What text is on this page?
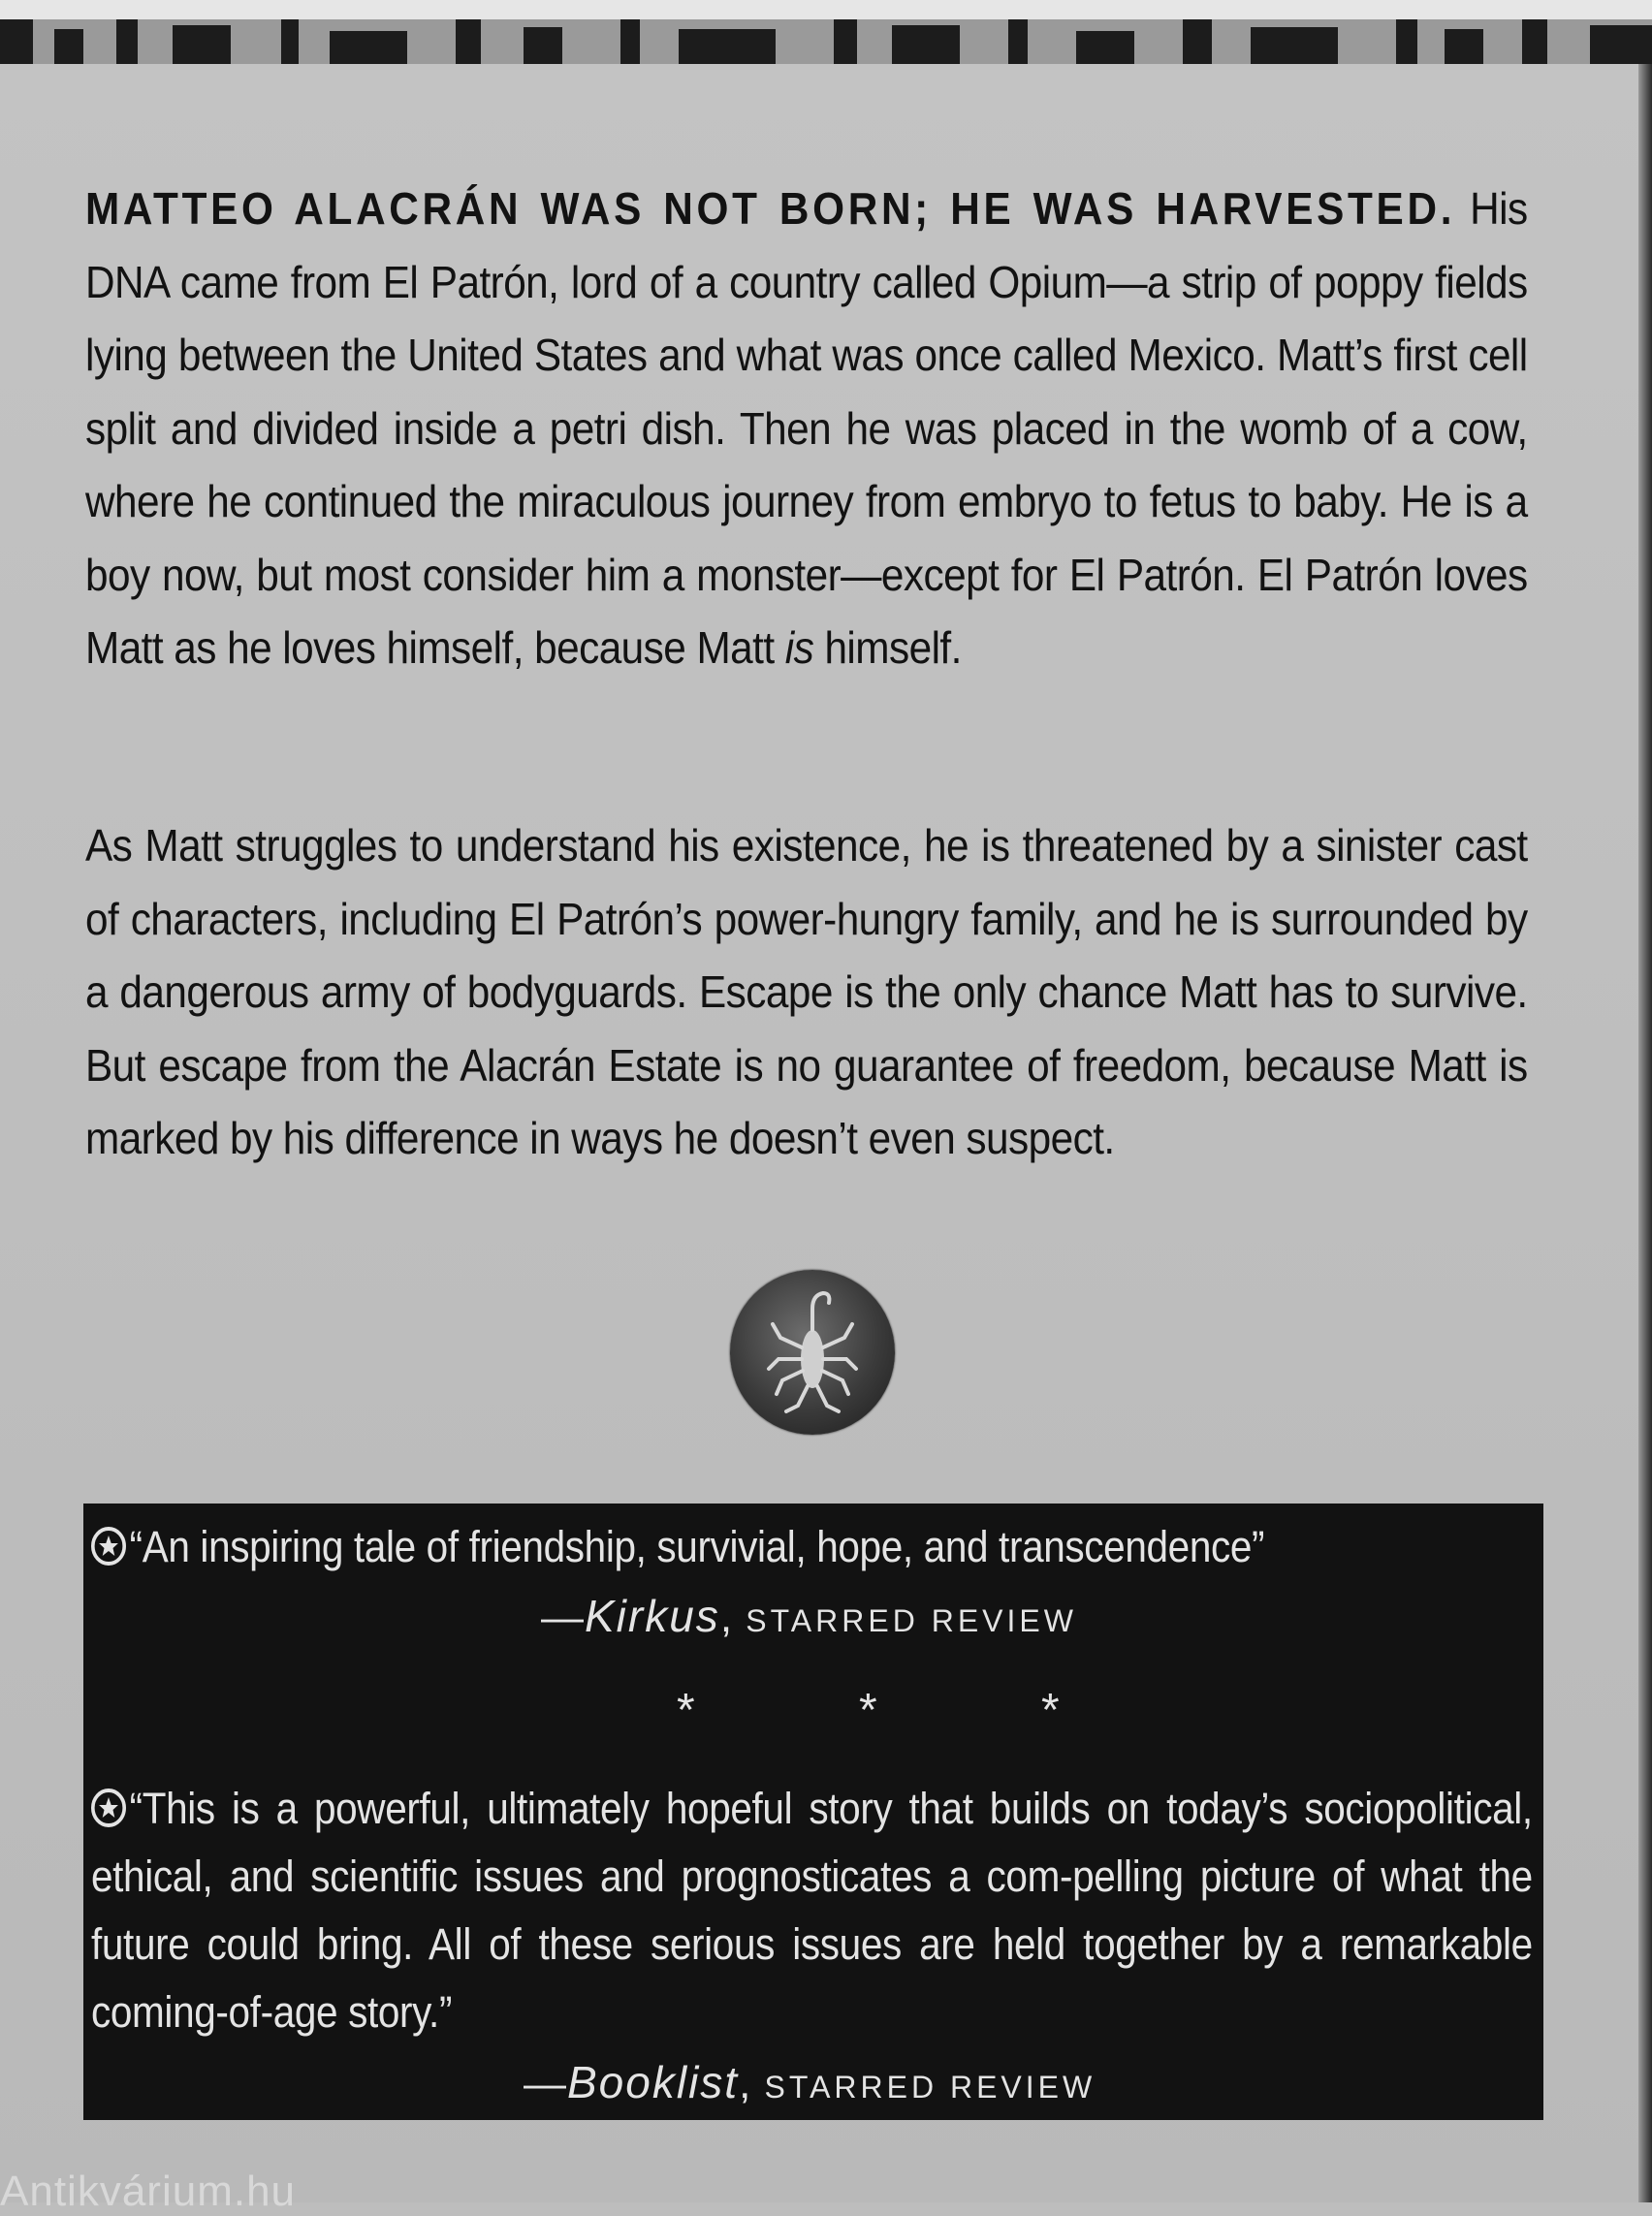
MATTEO ALACRÁN WAS NOT BORN; HE WAS HARVESTED. His DNA came from El Patrón, lord of a country called Opium—a strip of poppy fields lying between the United States and what was once called Mexico. Matt’s first cell split and divided inside a petri dish. Then he was placed in the womb of a cow, where he continued the miraculous journey from embryo to fetus to baby. He is a boy now, but most consider him a monster—except for El Patrón. El Patrón loves Matt as he loves himself, because Matt is himself.

As Matt struggles to understand his existence, he is threatened by a sinister cast of characters, including El Patrón’s power-hungry family, and he is surrounded by a dangerous army of bodyguards. Escape is the only chance Matt has to survive. But escape from the Alacrán Estate is no guarantee of freedom, because Matt is marked by his difference in ways he doesn’t even suspect.

“An inspiring tale of friendship, survivial, hope, and transcendence”
—Kirkus, STARRED REVIEW
* * *
“This is a powerful, ultimately hopeful story that builds on today’s sociopolitical, ethical, and scientific issues and prognosticates a com-pelling picture of what the future could bring. All of these serious issues are held together by a remarkable coming-of-age story.”
—Booklist, STARRED REVIEW
Antikvárium.hu
